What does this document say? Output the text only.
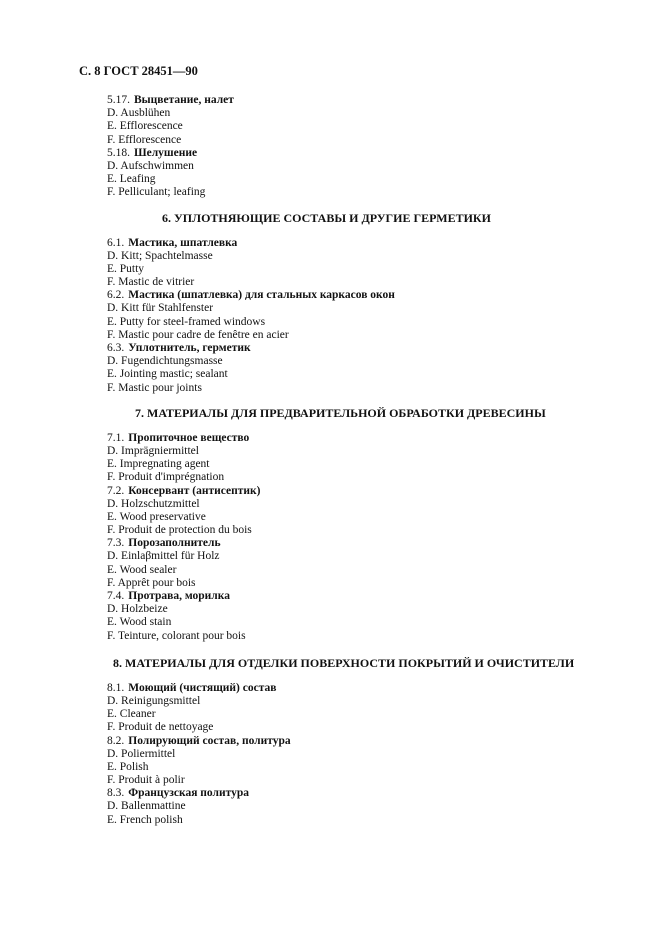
С. 8 ГОСТ 28451—90
5.17. Выцветание, налет
D. Ausblühen
E. Efflorescence
F. Efflorescence
5.18. Шелушение
D. Aufschwimmen
E. Leafing
F. Pelliculant; leafing
6. УПЛОТНЯЮЩИЕ СОСТАВЫ И ДРУГИЕ ГЕРМЕТИКИ
6.1. Мастика, шпатлевка
D. Kitt; Spachtelmasse
E. Putty
F. Mastic de vitrier
6.2. Мастика (шпатлевка) для стальных каркасов окон
D. Kitt für Stahlfenster
E. Putty for steel-framed windows
F. Mastic pour cadre de fenêtre en acier
6.3. Уплотнитель, герметик
D. Fugendichtungsmasse
E. Jointing mastic; sealant
F. Mastic pour joints
7. МАТЕРИАЛЫ ДЛЯ ПРЕДВАРИТЕЛЬНОЙ ОБРАБОТКИ ДРЕВЕСИНЫ
7.1. Пропиточное вещество
D. Imprägniermittel
E. Impregnating agent
F. Produit d'imprégnation
7.2. Консервант (антисептик)
D. Holzschutzmittel
E. Wood preservative
F. Produit de protection du bois
7.3. Порозаполнитель
D. Einlaβmittel für Holz
E. Wood sealer
F. Apprêt pour bois
7.4. Протрава, морилка
D. Holzbeize
E. Wood stain
F. Teinture, colorant pour bois
8. МАТЕРИАЛЫ ДЛЯ ОТДЕЛКИ ПОВЕРХНОСТИ ПОКРЫТИЙ И ОЧИСТИТЕЛИ
8.1. Моющий (чистящий) состав
D. Reinigungsmittel
E. Cleaner
F. Produit de nettoyage
8.2. Полирующий состав, политура
D. Poliermittel
E. Polish
F. Produit à polir
8.3. Французская политура
D. Ballenmattine
E. French polish
